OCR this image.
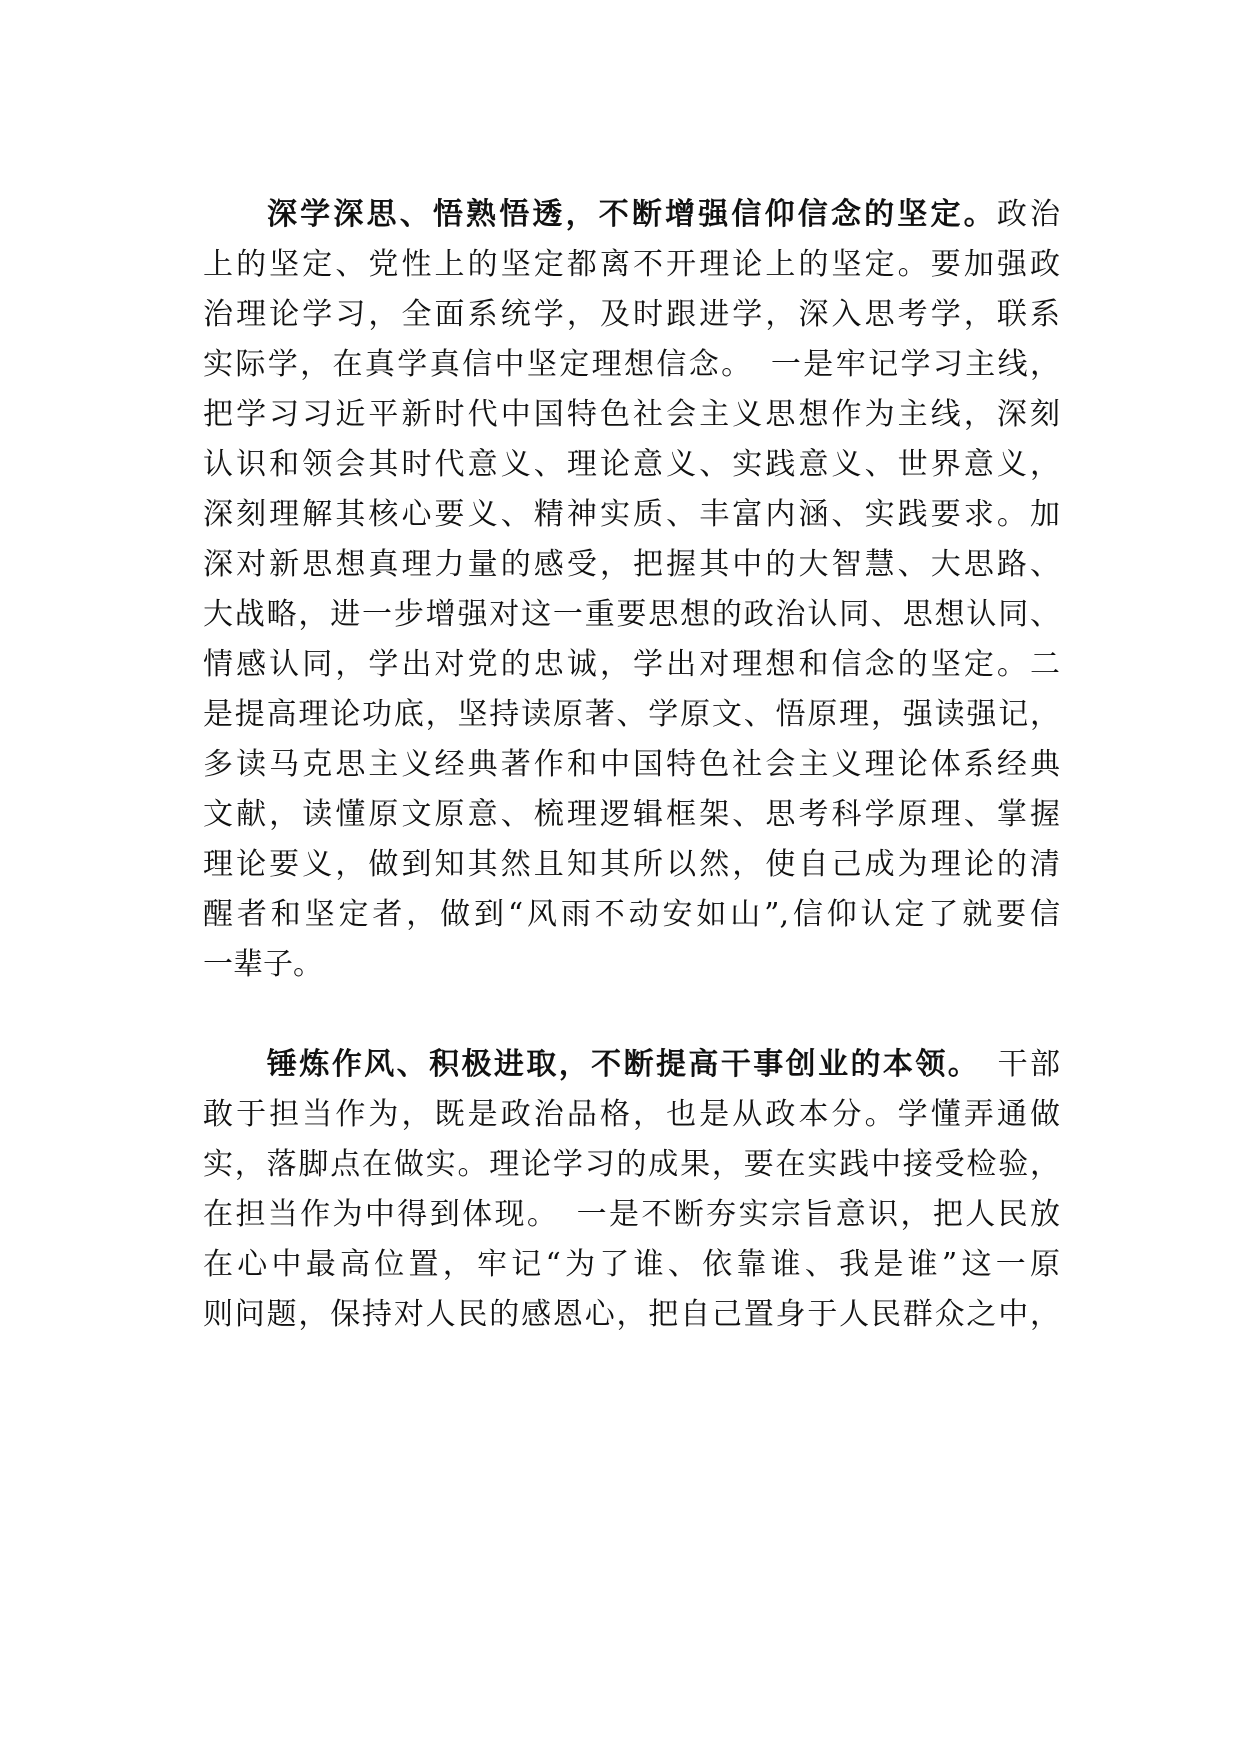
深学深思、悟熟悟透，不断增强信仰信念的坚定。政治
上的坚定、党性上的坚定都离不开理论上的坚定。要加强政
治理论学习，全面系统学，及时跟进学，深入思考学，联系
实际学，在真学真信中坚定理想信念。　一是牢记学习主线，
把学习习近平新时代中国特色社会主义思想作为主线，深刻
认识和领会其时代意义、理论意义、实践意义、世界意义，
深刻理解其核心要义、精神实质、丰富内涵、实践要求。加
深对新思想真理力量的感受，把握其中的大智慧、大思路、
大战略，进一步增强对这一重要思想的政治认同、思想认同、
情感认同，学出对党的忠诚，学出对理想和信念的坚定。二
是提高理论功底，坚持读原著、学原文、悟原理，强读强记，
多读马克思主义经典著作和中国特色社会主义理论体系经典
文献，读懂原文原意、梳理逻辑框架、思考科学原理、掌握
理论要义，做到知其然且知其所以然，使自己成为理论的清
醒者和坚定者，做到“风雨不动安如山”,信仰认定了就要信
一辈子。
锤炼作风、积极进取，不断提高干事创业的本领。　干部
敢于担当作为，既是政治品格，也是从政本分。学懂弄通做
实，落脚点在做实。理论学习的成果，要在实践中接受检验，
在担当作为中得到体现。　一是不断夯实宗旨意识，把人民放
在心中最高位置，牢记“为了谁、依靠谁、我是谁”这一原
则问题，保持对人民的感恩心，把自己置身于人民群众之中，
